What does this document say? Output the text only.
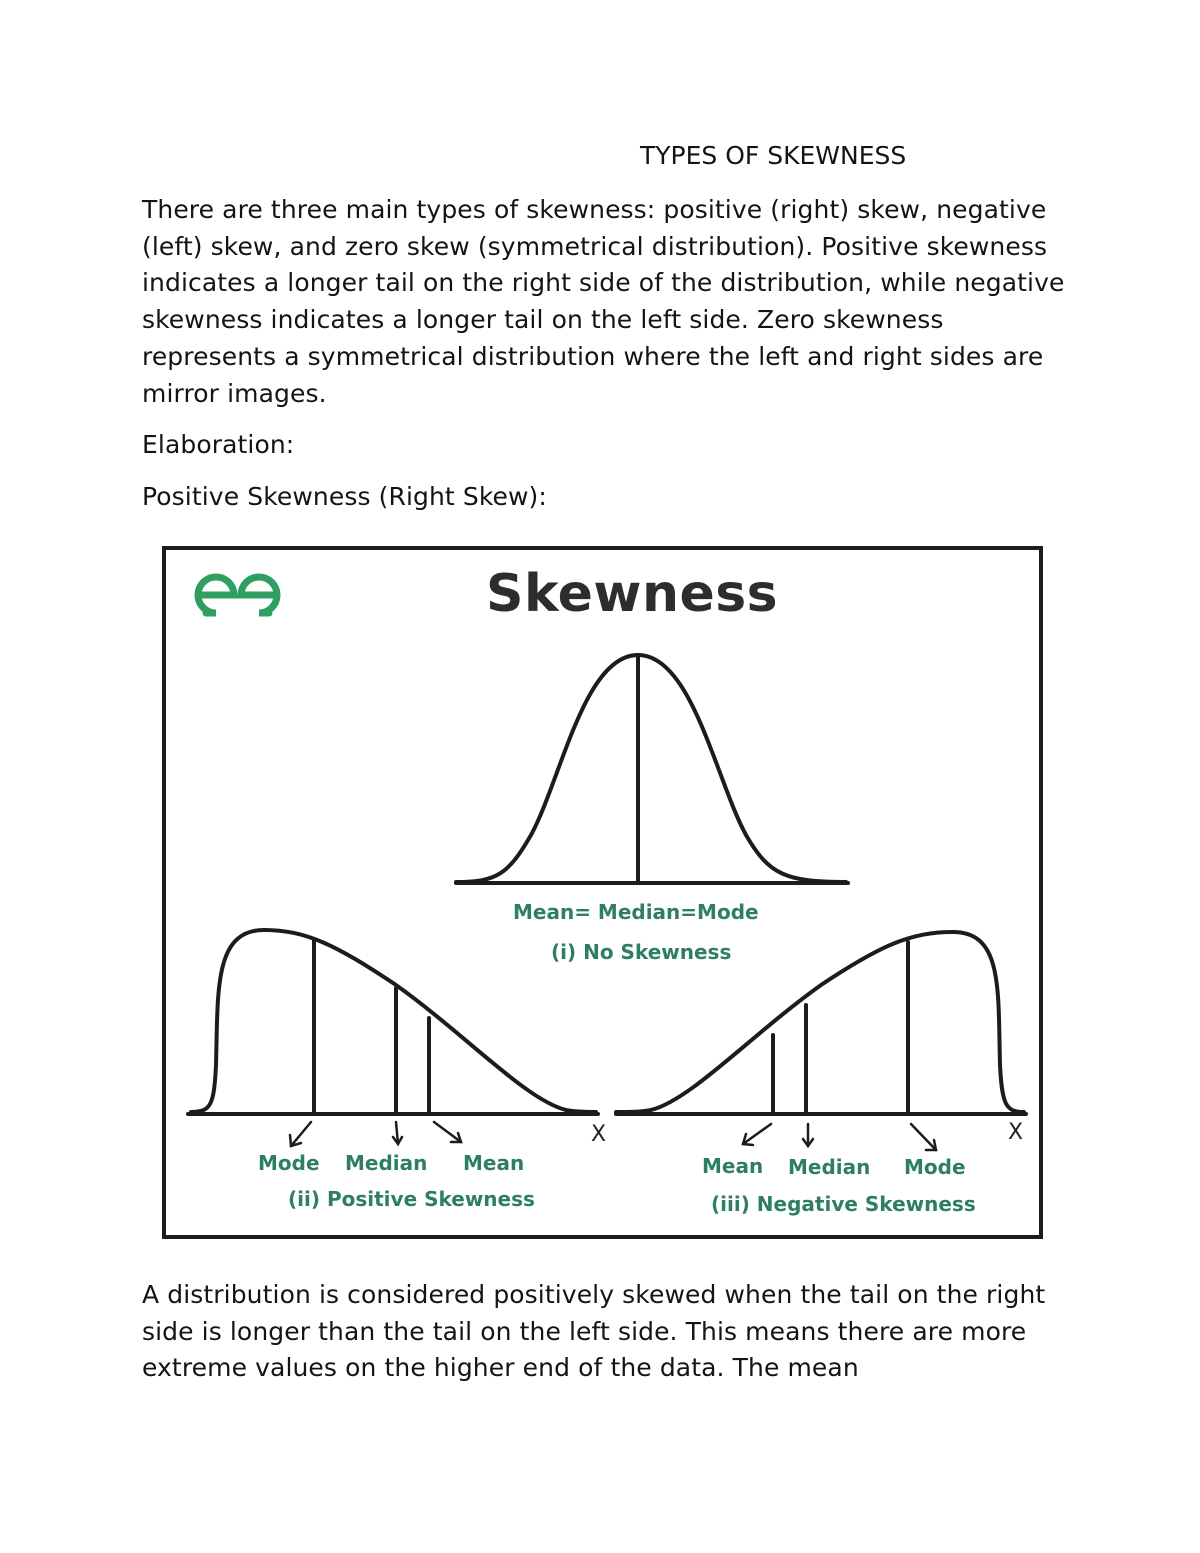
TYPES OF SKEWNESS

There are three main types of skewness: positive (right) skew, negative (left) skew, and zero skew (symmetrical distribution). Positive skewness indicates a longer tail on the right side of the distribution, while negative skewness indicates a longer tail on the left side. Zero skewness represents a symmetrical distribution where the left and right sides are mirror images.

Elaboration:

Positive Skewness (Right Skew):

Skewness
Mean= Median=Mode
(i) No Skewness
Mode Median Mean
(ii) Positive Skewness
X
Mean Median Mode
(iii) Negative Skewness
X

A distribution is considered positively skewed when the tail on the right side is longer than the tail on the left side. This means there are more extreme values on the higher end of the data. The mean
